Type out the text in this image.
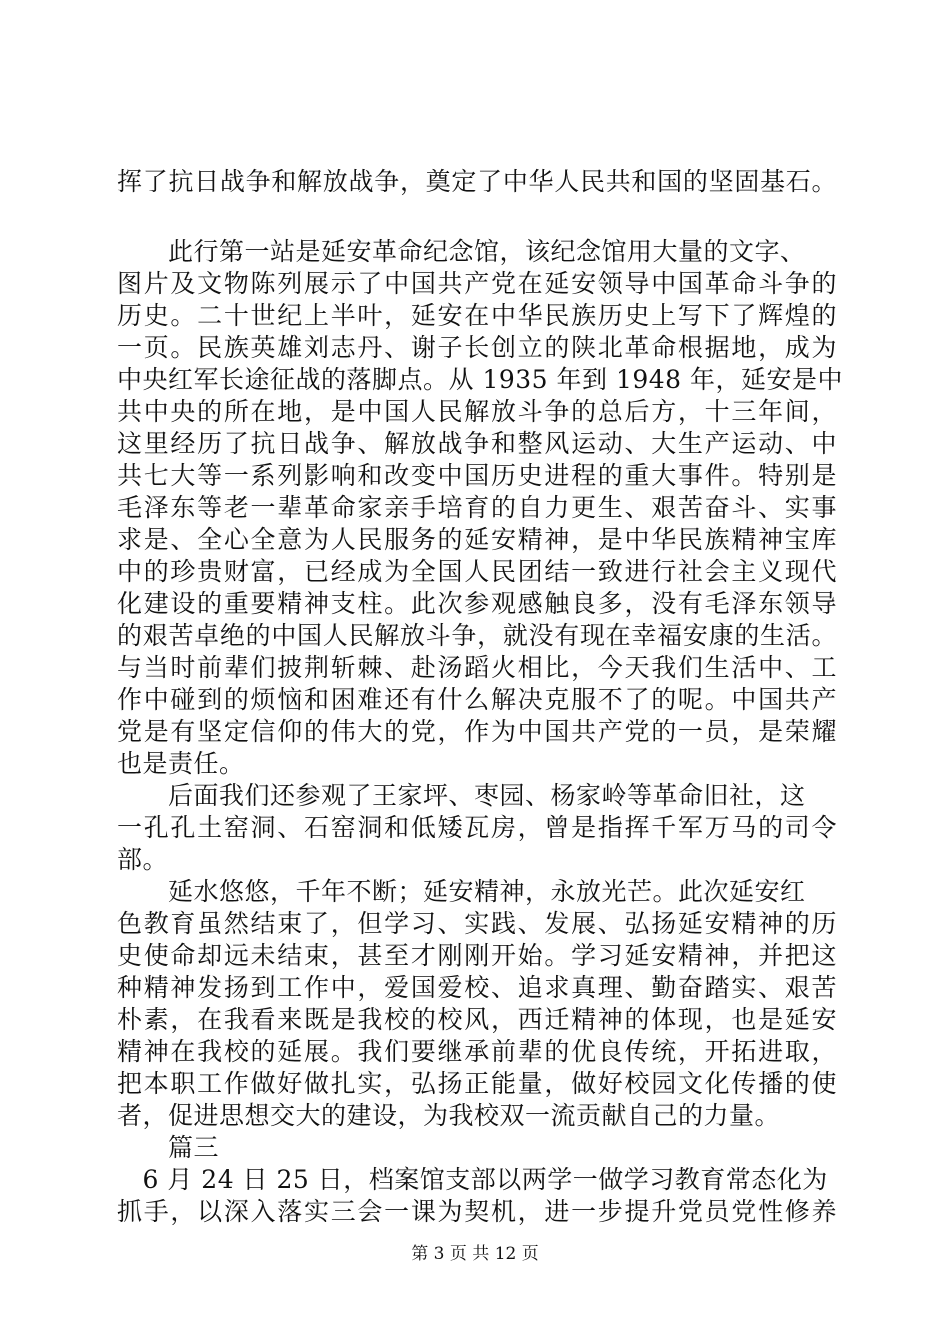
挥了抗日战争和解放战争，奠定了中华人民共和国的坚固基石。
　　此行第一站是延安革命纪念馆，该纪念馆用大量的文字、
图片及文物陈列展示了中国共产党在延安领导中国革命斗争的
历史。二十世纪上半叶，延安在中华民族历史上写下了辉煌的
一页。民族英雄刘志丹、谢子长创立的陕北革命根据地，成为
中央红军长途征战的落脚点。从 1935 年到 1948 年，延安是中
共中央的所在地，是中国人民解放斗争的总后方，十三年间，
这里经历了抗日战争、解放战争和整风运动、大生产运动、中
共七大等一系列影响和改变中国历史进程的重大事件。特别是
毛泽东等老一辈革命家亲手培育的自力更生、艰苦奋斗、实事
求是、全心全意为人民服务的延安精神，是中华民族精神宝库
中的珍贵财富，已经成为全国人民团结一致进行社会主义现代
化建设的重要精神支柱。此次参观感触良多，没有毛泽东领导
的艰苦卓绝的中国人民解放斗争，就没有现在幸福安康的生活。
与当时前辈们披荆斩棘、赴汤蹈火相比，今天我们生活中、工
作中碰到的烦恼和困难还有什么解决克服不了的呢。中国共产
党是有坚定信仰的伟大的党，作为中国共产党的一员，是荣耀
也是责任。
　　后面我们还参观了王家坪、枣园、杨家岭等革命旧社，这
一孔孔土窑洞、石窑洞和低矮瓦房，曾是指挥千军万马的司令
部。
　　延水悠悠，千年不断；延安精神，永放光芒。此次延安红
色教育虽然结束了，但学习、实践、发展、弘扬延安精神的历
史使命却远未结束，甚至才刚刚开始。学习延安精神，并把这
种精神发扬到工作中，爱国爱校、追求真理、勤奋踏实、艰苦
朴素，在我看来既是我校的校风，西迁精神的体现，也是延安
精神在我校的延展。我们要继承前辈的优良传统，开拓进取，
把本职工作做好做扎实，弘扬正能量，做好校园文化传播的使
者，促进思想交大的建设，为我校双一流贡献自己的力量。
　　篇三
　6 月 24 日 25 日，档案馆支部以两学一做学习教育常态化为
抓手，以深入落实三会一课为契机，进一步提升党员党性修养
第 3 页 共 12 页
